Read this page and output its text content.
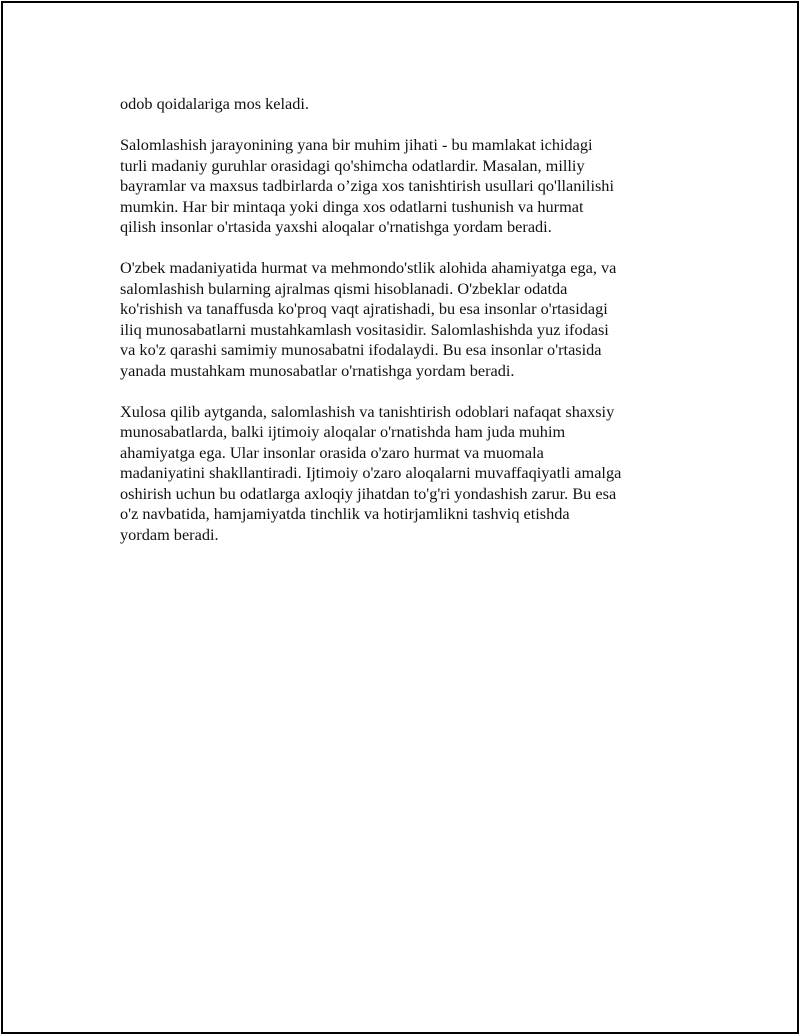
odob qoidalariga mos keladi.

Salomlashish jarayonining yana bir muhim jihati - bu mamlakat ichidagi
turli madaniy guruhlar orasidagi qo'shimcha odatlardir. Masalan, milliy
bayramlar va maxsus tadbirlarda o’ziga xos tanishtirish usullari qo'llanilishi
mumkin. Har bir mintaqa yoki dinga xos odatlarni tushunish va hurmat
qilish insonlar o'rtasida yaxshi aloqalar o'rnatishga yordam beradi.

O'zbek madaniyatida hurmat va mehmondo'stlik alohida ahamiyatga ega, va
salomlashish bularning ajralmas qismi hisoblanadi. O'zbeklar odatda
ko'rishish va tanaffusda ko'proq vaqt ajratishadi, bu esa insonlar o'rtasidagi
iliq munosabatlarni mustahkamlash vositasidir. Salomlashishda yuz ifodasi
va ko'z qarashi samimiy munosabatni ifodalaydi. Bu esa insonlar o'rtasida
yanada mustahkam munosabatlar o'rnatishga yordam beradi.

Xulosa qilib aytganda, salomlashish va tanishtirish odoblari nafaqat shaxsiy
munosabatlarda, balki ijtimoiy aloqalar o'rnatishda ham juda muhim
ahamiyatga ega. Ular insonlar orasida o'zaro hurmat va muomala
madaniyatini shakllantiradi. Ijtimoiy o'zaro aloqalarni muvaffaqiyatli amalga
oshirish uchun bu odatlarga axloqiy jihatdan to'g'ri yondashish zarur. Bu esa
o'z navbatida, hamjamiyatda tinchlik va hotirjamlikni tashviq etishda
yordam beradi.
